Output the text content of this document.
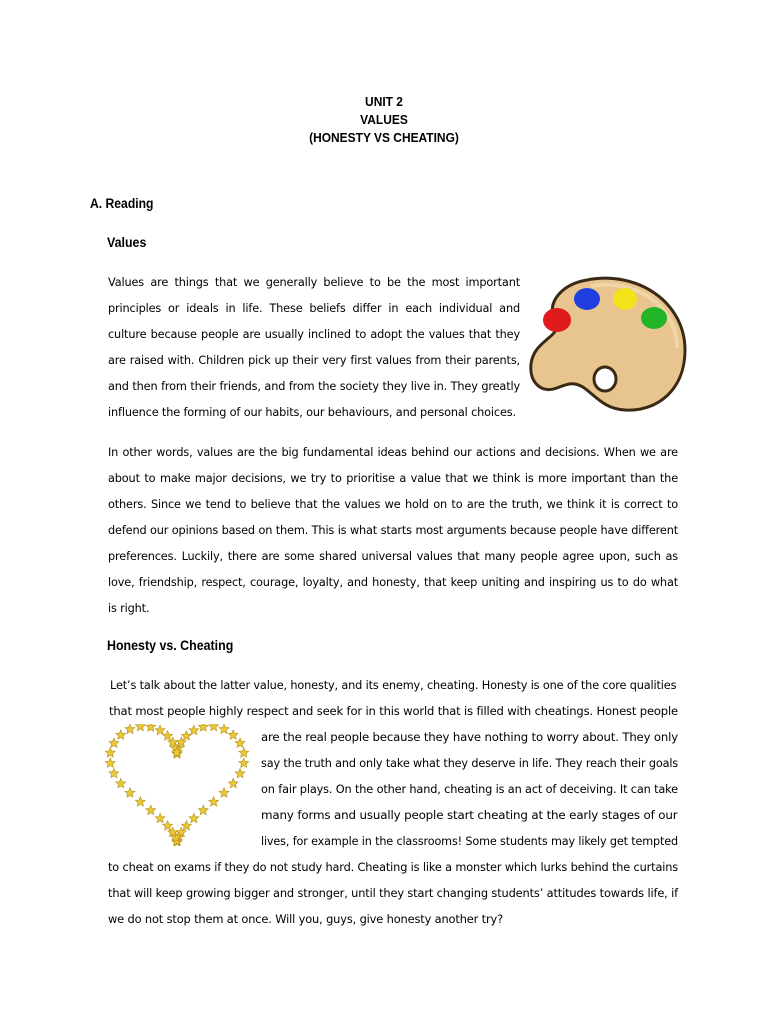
UNIT 2
VALUES
(HONESTY VS CHEATING)
A. Reading
Values

Values are things that we generally believe to be the most important principles or ideals in life. These beliefs differ in each individual and culture because people are usually inclined to adopt the values that they are raised with. Children pick up their very first values from their parents, and then from their friends, and from the society they live in. They greatly influence the forming of our habits, our behaviours, and personal choices.

In other words, values are the big fundamental ideas behind our actions and decisions. When we are about to make major decisions, we try to prioritise a value that we think is more important than the others. Since we tend to believe that the values we hold on to are the truth, we think it is correct to defend our opinions based on them. This is what starts most arguments because people have different preferences. Luckily, there are some shared universal values that many people agree upon, such as love, friendship, respect, courage, loyalty, and honesty, that keep uniting and inspiring us to do what is right.

Honesty vs. Cheating
Let’s talk about the latter value, honesty, and its enemy, cheating. Honesty is one of the core qualities
that most people highly respect and seek for in this world that is filled with cheatings. Honest people
are the real people because they have nothing to worry about. They only
say the truth and only take what they deserve in life. They reach their goals
on fair plays. On the other hand, cheating is an act of deceiving. It can take
many forms and usually people start cheating at the early stages of our
lives, for example in the classrooms! Some students may likely get tempted
to cheat on exams if they do not study hard. Cheating is like a monster which lurks behind the curtains
that will keep growing bigger and stronger, until they start changing students’ attitudes towards life, if
we do not stop them at once. Will you, guys, give honesty another try?
